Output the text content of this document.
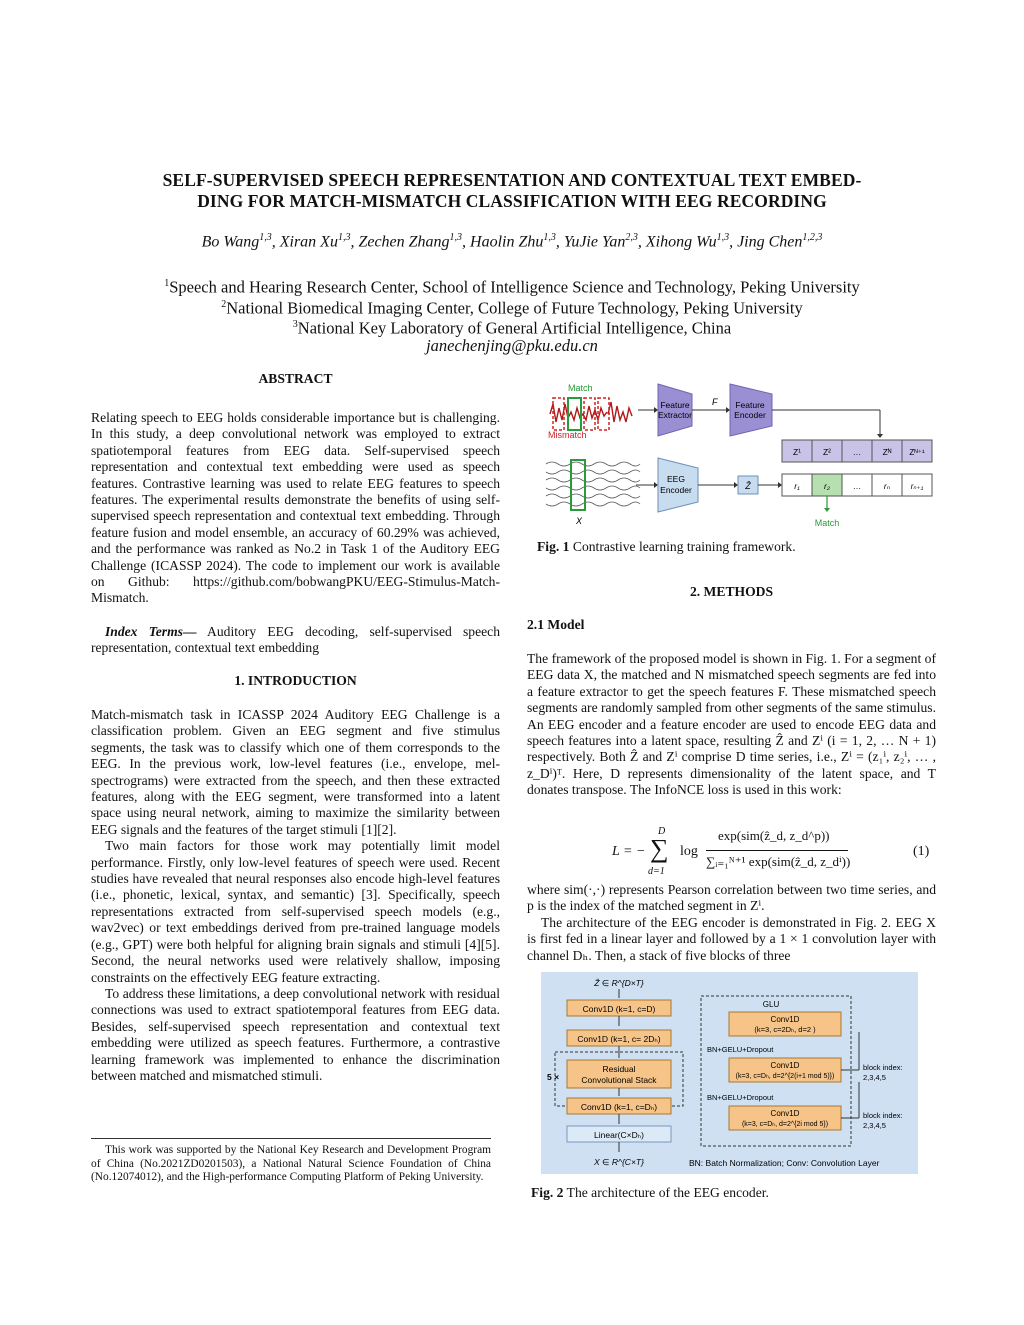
SELF-SUPERVISED SPEECH REPRESENTATION AND CONTEXTUAL TEXT EMBED-
DING FOR MATCH-MISMATCH CLASSIFICATION WITH EEG RECORDING
Bo Wang$^{1,3}$, Xiran Xu$^{1,3}$, Zechen Zhang$^{1,3}$, Haolin Zhu$^{1,3}$, YuJie Yan$^{2,3}$, Xihong Wu$^{1,3}$, Jing Chen$^{1,2,3}$
$^1$Speech and Hearing Research Center, School of Intelligence Science and Technology, Peking University
$^2$National Biomedical Imaging Center, College of Future Technology, Peking University
$^3$National Key Laboratory of General Artificial Intelligence, China
janechenjing@pku.edu.cn
ABSTRACT
Relating speech to EEG holds considerable importance but is challenging. In this study, a deep convolutional network was employed to extract spatiotemporal features from EEG data. Self-supervised speech representation and contextual text embedding were used as speech features. Contrastive learning was used to relate EEG features to speech features. The experimental results demonstrate the benefits of using self-supervised speech representation and contextual text embedding. Through feature fusion and model ensemble, an accuracy of 60.29% was achieved, and the performance was ranked as No.2 in Task 1 of the Auditory EEG Challenge (ICASSP 2024). The code to implement our work is available on Github: https://github.com/bobwangPKU/EEG-Stimulus-Match-Mismatch.

Index Terms— Auditory EEG decoding, self-supervised speech representation, contextual text embedding

1. INTRODUCTION

Match-mismatch task in ICASSP 2024 Auditory EEG Challenge is a classification problem. Given an EEG segment and five stimulus segments, the task was to classify which one of them corresponds to the EEG. In the previous work, low-level features (i.e., envelope, mel-spectrograms) were extracted from the speech, and then these extracted features, along with the EEG segment, were transformed into a latent space using neural network, aiming to maximize the similarity between EEG signals and the features of the target stimuli [1][2].

Two main factors for those work may potentially limit model performance. Firstly, only low-level features of speech were used. Recent studies have revealed that neural responses also encode high-level features (i.e., phonetic, lexical, syntax, and semantic) [3]. Specifically, speech representations extracted from self-supervised speech models (e.g., wav2vec) or text embeddings derived from pre-trained language models (e.g., GPT) were both helpful for aligning brain signals and stimuli [4][5]. Second, the neural networks used were relatively shallow, imposing constraints on the effectively EEG feature extracting.

To address these limitations, a deep convolutional network with residual connections was used to extract spatiotemporal features from EEG data. Besides, self-supervised speech representation and contextual text embedding were utilized as speech features. Furthermore, a contrastive learning framework was implemented to enhance the discrimination between matched and mismatched stimuli.

This work was supported by the National Key Research and Development Program of China (No.2021ZD0201503), a National Natural Science Foundation of China (No.12074012), and the High-performance Computing Platform of Peking University.
Match
Mismatch
Feature
Extractor
F Feature
Encoder
Z¹	Z²	…	Zᴺ Zᴺ⁺¹
X
EEG
Encoder	Ẑ	r₁	r₂	…	rₙ	rₙ₊₁
Match
Fig. 1 Contrastive learning training framework.
2. METHODS
2.1 Model
The framework of the proposed model is shown in Fig. 1. For a segment of EEG data X, the matched and N mismatched speech segments are fed into a feature extractor to get the speech features F. These mismatched speech segments are randomly sampled from other segments of the same stimulus. An EEG encoder and a feature encoder are used to encode EEG data and speech features into a latent space, resulting Ẑ and Zⁱ (i = 1, 2, … N + 1) respectively. Both Ẑ and Zⁱ comprise D time series, i.e., Zⁱ = (z₁ⁱ, z₂ⁱ, … , z_Dⁱ)ᵀ. Here, D represents dimensionality of the latent space, and T donates transpose. The InfoNCE loss is used in this work:
L = −
D
∑
d=1
log
exp(sim(ẑ_d, z_d^p))
∑ᵢ₌₁ᴺ⁺¹ exp(sim(ẑ_d, z_dⁱ))
(1)

where sim(·,·) represents Pearson correlation between two time series, and p is the index of the matched segment in Zⁱ.

The architecture of the EEG encoder is demonstrated in Fig. 2. EEG X is first fed in a linear layer and followed by a 1 × 1 convolution layer with channel Dₕ. Then, a stack of five blocks of three

Ẑ ∈ R^{D×T}
Conv1D (k=1, c=D)
Conv1D (k=1, c= 2Dₕ)
5 ×
Residual
Convolutional Stack
Conv1D (k=1, c=Dₕ)
Linear(C×Dₕ)
X ∈ R^{C×T}
GLU
Conv1D
(k=3, c=2Dₕ, d=2 )
BN+GELU+Dropout
Conv1D
(k=3, c=Dₕ, d=2^{2(i+1 mod 5)})
BN+GELU+Dropout
Conv1D
(k=3, c=Dₕ, d=2^{2i mod 5})
block index:
2,3,4,5
block index:
2,3,4,5
BN: Batch Normalization; Conv: Convolution Layer
Fig. 2 The architecture of the EEG encoder.
